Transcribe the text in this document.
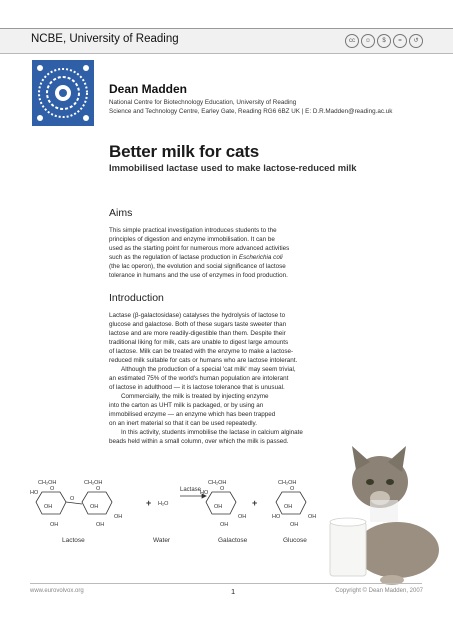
NCBE, University of Reading	cc	☺	$	=	↺
Dean Madden
National Centre for Biotechnology Education, University of Reading
Science and Technology Centre, Earley Gate, Reading RG6 6BZ UK | E: D.R.Madden@reading.ac.uk
Better milk for cats
Immobilised lactase used to make lactose-reduced milk
Aims

This simple practical investigation introduces students to the

principles of digestion and enzyme immobilisation. It can be

used as the starting point for numerous more advanced activities

such as the regulation of lactase production in Escherichia coli

(the lac operon), the evolution and social significance of lactose

tolerance in humans and the use of enzymes in food production.

Introduction

Lactase (β-galactosidase) catalyses the hydrolysis of lactose to

glucose and galactose. Both of these sugars taste sweeter than

lactose and are more readily-digestible than them. Despite their

traditional liking for milk, cats are unable to digest large amounts

of lactose. Milk can be treated with the enzyme to make a lactose-

reduced milk suitable for cats or humans who are lactose intolerant.

Although the production of a special 'cat milk' may seem trivial,

an estimated 75% of the world's human population are intolerant

of lactose in adulthood — it is lactose tolerance that is unusual.

Commercially, the milk is treated by injecting enzyme

into the carton as UHT milk is packaged, or by using an

immobilised enzyme — an enzyme which has been trapped

on an inert material so that it can be used repeatedly.

In this activity, students immobilise the lactase in calcium alginate

beads held within a small column, over which the milk is passed.

CH₂OH	CH₂OH	CH₂OH	CH₂OH
HO	HO
HO
O	O	O	O
O
OH	OH	OH	OH
OH	OH	OH
OH	OH	OH	OH
+ H₂O
Lactase
+
Lactose	Water	Galactose	Glucose
www.eurovolvox.org	1	Copyright © Dean Madden, 2007
